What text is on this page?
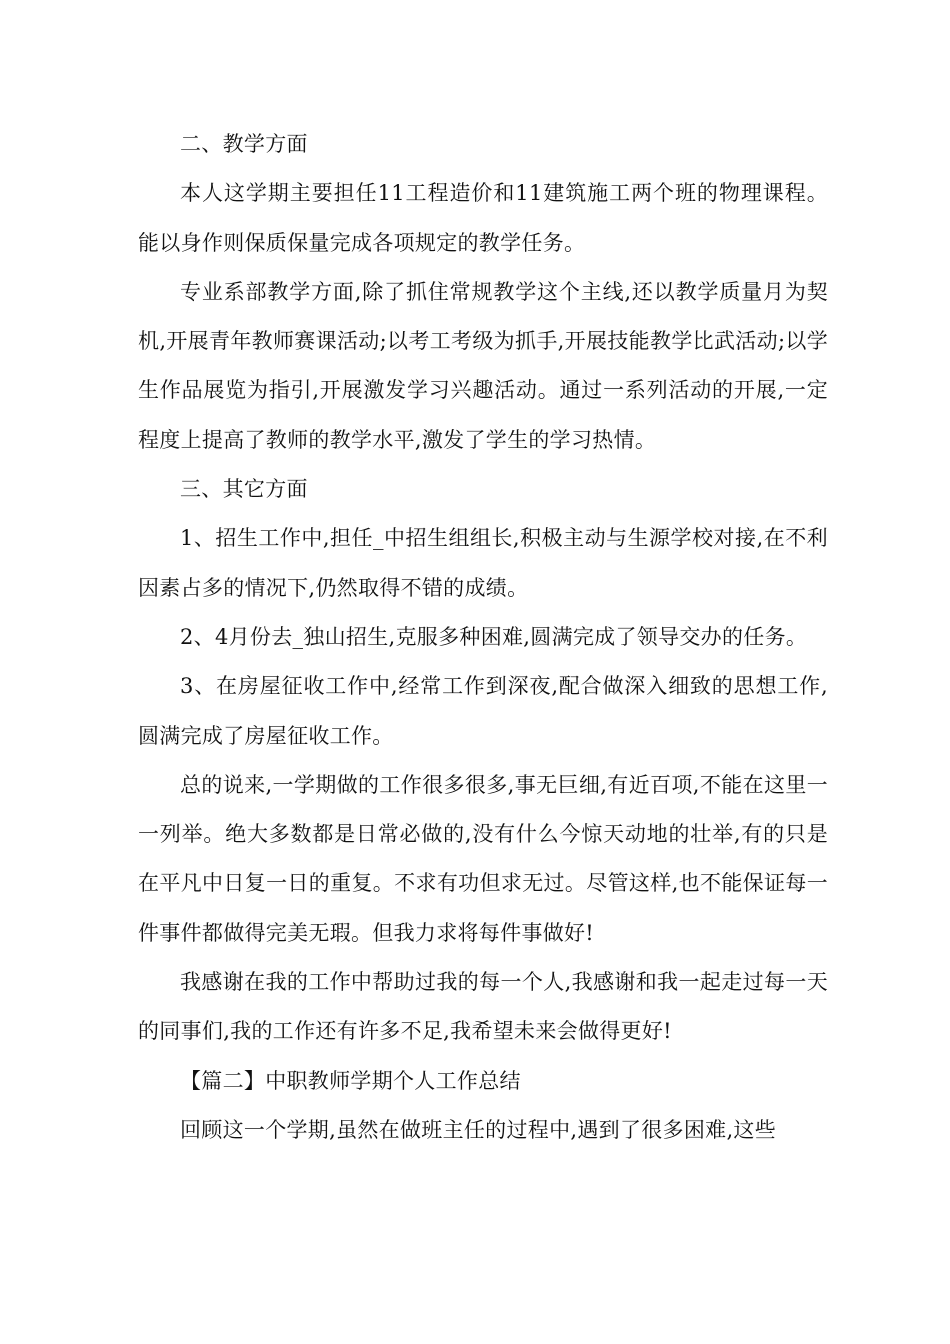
二、教学方面

本人这学期主要担任11工程造价和11建筑施工两个班的物理课程。能以身作则保质保量完成各项规定的教学任务。

专业系部教学方面,除了抓住常规教学这个主线,还以教学质量月为契机,开展青年教师赛课活动;以考工考级为抓手,开展技能教学比武活动;以学生作品展览为指引,开展激发学习兴趣活动。通过一系列活动的开展,一定程度上提高了教师的教学水平,激发了学生的学习热情。

三、其它方面

1、招生工作中,担任_中招生组组长,积极主动与生源学校对接,在不利因素占多的情况下,仍然取得不错的成绩。

2、4月份去_独山招生,克服多种困难,圆满完成了领导交办的任务。

3、在房屋征收工作中,经常工作到深夜,配合做深入细致的思想工作,圆满完成了房屋征收工作。

总的说来,一学期做的工作很多很多,事无巨细,有近百项,不能在这里一一列举。绝大多数都是日常必做的,没有什么今惊天动地的壮举,有的只是在平凡中日复一日的重复。不求有功但求无过。尽管这样,也不能保证每一件事件都做得完美无瑕。但我力求将每件事做好!

我感谢在我的工作中帮助过我的每一个人,我感谢和我一起走过每一天的同事们,我的工作还有许多不足,我希望未来会做得更好!

【篇二】中职教师学期个人工作总结

回顾这一个学期,虽然在做班主任的过程中,遇到了很多困难,这些
